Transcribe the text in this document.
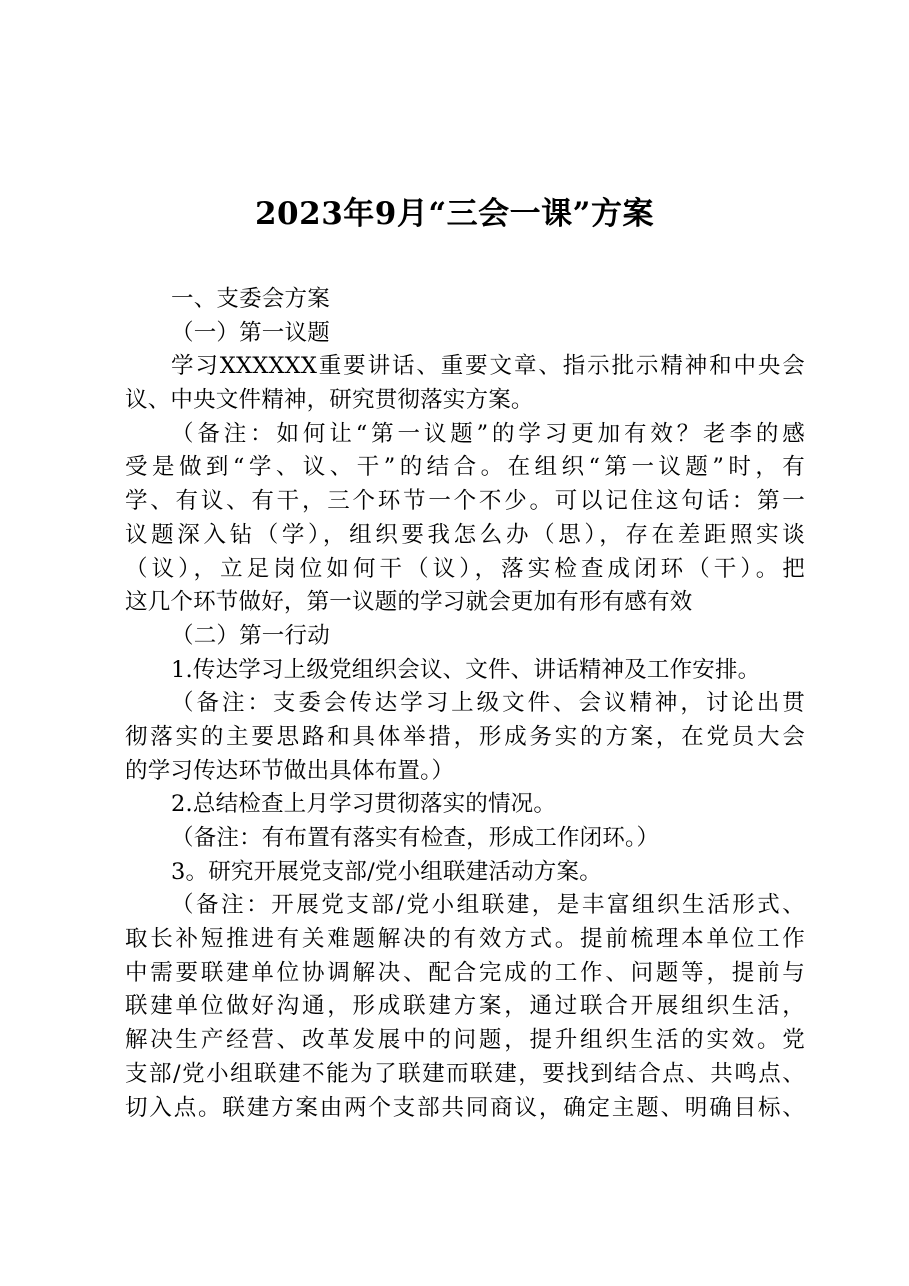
2023年9月“三会一课”方案
一、支委会方案
（一）第一议题
学习XXXXXX重要讲话、重要文章、指示批示精神和中央会
议、中央文件精神，研究贯彻落实方案。
（备注：如何让“第一议题”的学习更加有效？老李的感
受是做到“学、议、干”的结合。在组织“第一议题”时，有
学、有议、有干，三个环节一个不少。可以记住这句话：第一
议题深入钻（学），组织要我怎么办（思），存在差距照实谈
（议），立足岗位如何干（议），落实检查成闭环（干）。把
这几个环节做好，第一议题的学习就会更加有形有感有效
（二）第一行动
1.传达学习上级党组织会议、文件、讲话精神及工作安排。
（备注：支委会传达学习上级文件、会议精神，讨论出贯
彻落实的主要思路和具体举措，形成务实的方案，在党员大会
的学习传达环节做出具体布置。）
2.总结检查上月学习贯彻落实的情况。
（备注：有布置有落实有检查，形成工作闭环。）
3。研究开展党支部/党小组联建活动方案。
（备注：开展党支部/党小组联建，是丰富组织生活形式、
取长补短推进有关难题解决的有效方式。提前梳理本单位工作
中需要联建单位协调解决、配合完成的工作、问题等，提前与
联建单位做好沟通，形成联建方案，通过联合开展组织生活，
解决生产经营、改革发展中的问题，提升组织生活的实效。党
支部/党小组联建不能为了联建而联建，要找到结合点、共鸣点、
切入点。联建方案由两个支部共同商议，确定主题、明确目标、
